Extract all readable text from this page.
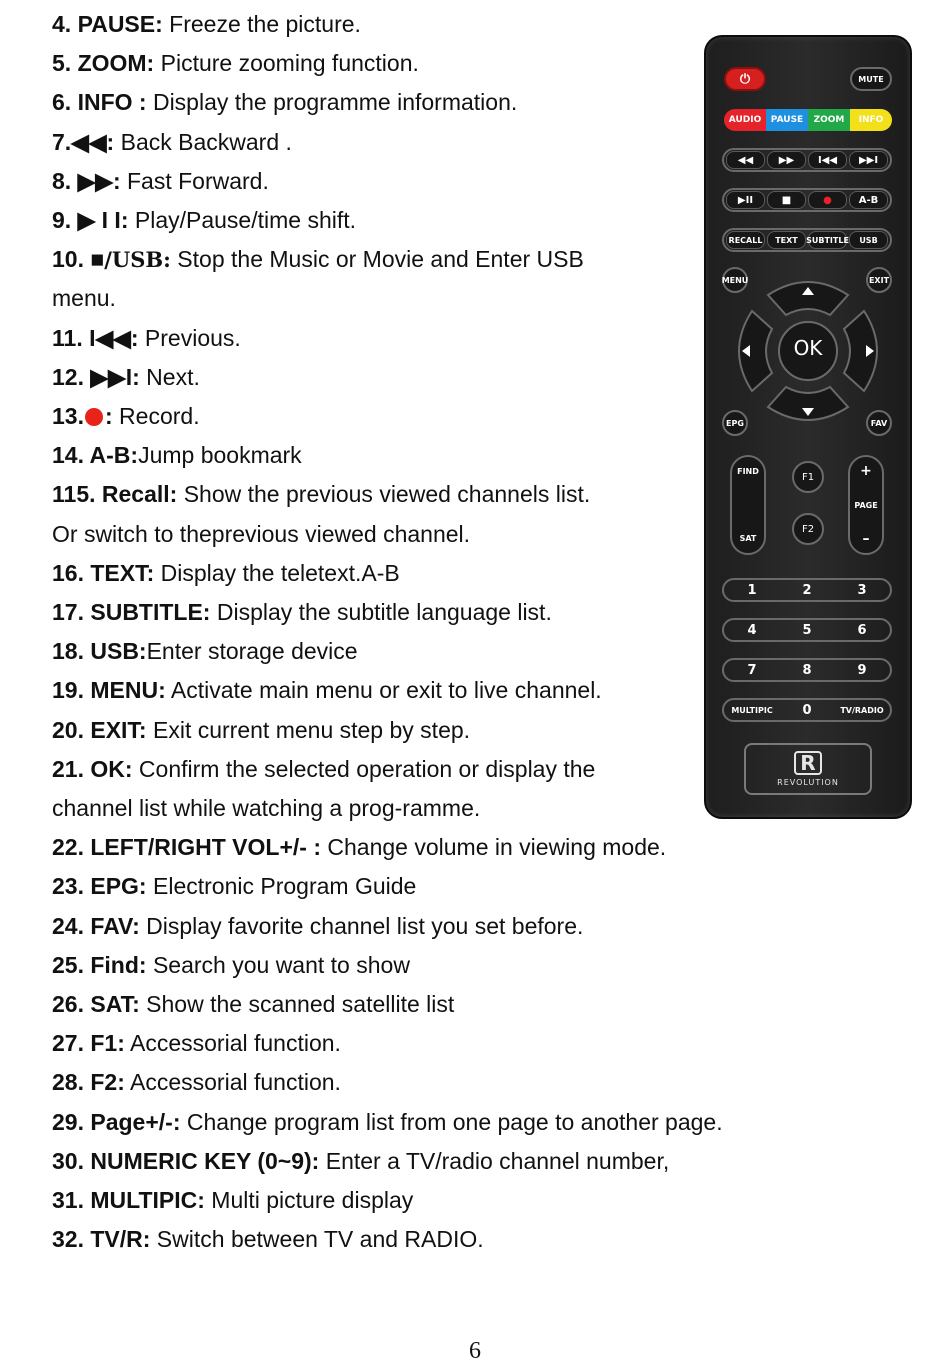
4. PAUSE: Freeze the picture.
5. ZOOM: Picture zooming function.
6. INFO : Display the programme information.
7.◀◀: Back Backward .
8. ▶▶: Fast Forward.
9. ▶ I I: Play/Pause/time shift.
10. ■/USB: Stop the Music or Movie and Enter USB
menu.
11. I◀◀: Previous.
12. ▶▶I: Next.
13. : Record.
14. A-B:Jump bookmark
115. Recall: Show the previous viewed channels list.
Or switch to theprevious viewed channel.
16. TEXT: Display the teletext.A-B
17. SUBTITLE: Display the subtitle language list.
18. USB:Enter storage device
19. MENU: Activate main menu or exit to live channel.
20. EXIT: Exit current menu step by step.
21. OK: Confirm the selected operation or display the
channel list while watching a prog-ramme.
22. LEFT/RIGHT VOL+/- : Change volume in viewing mode.
23. EPG: Electronic Program Guide
24. FAV: Display favorite channel list you set before.
25. Find: Search you want to show
26. SAT: Show the scanned satellite list
27. F1: Accessorial function.
28. F2: Accessorial function.
29. Page+/-: Change program list from one page to another page.
30. NUMERIC KEY (0~9): Enter a TV/radio channel number,
31. MULTIPIC: Multi picture display
32. TV/R: Switch between TV and RADIO.
⏻	MUTE
AUDIO	PAUSE	ZOOM	INFO
◀◀	▶▶	I◀◀	▶▶I
▶II	■	●	A-B
RECALL	TEXT	SUBTITLE	USB
MENU	EXIT
OK
EPG	FAV
FIND
SAT
F1
F2
+
PAGE
–
1	2	3
4	5	6
7	8	9
MULTIPIC	0	TV/RADIO
R
REVOLUTION
6
